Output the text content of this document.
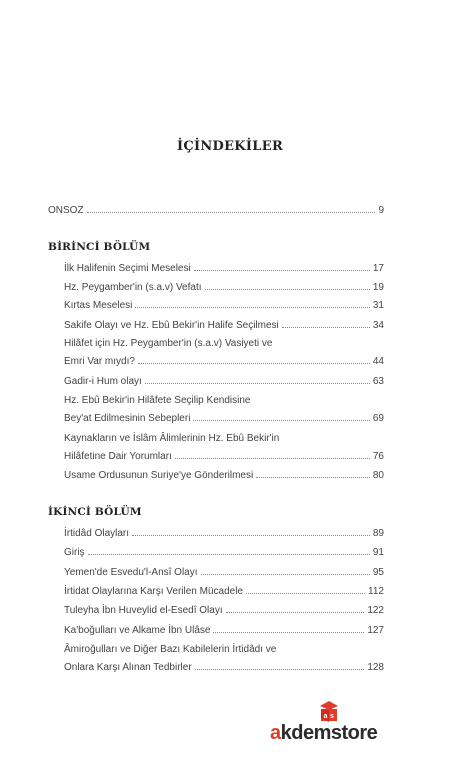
İÇİNDEKİLER
ONSOZ	9
BİRİNCİ BÖLÜM
İlk Halifenin Seçimi Meselesi	17
Hz. Peygamber'in (s.a.v) Vefatı	19
Kırtas Meselesi	31
Sakife Olayı ve Hz. Ebû Bekir'in Halife Seçilmesi	34
Hilâfet için Hz. Peygamber'in (s.a.v) Vasiyeti ve
Emri Var mıydı?	44
Gadir-i Hum olayı	63
Hz. Ebû Bekir'in Hilâfete Seçilip Kendisine
Bey'at Edilmesinin Sebepleri	69
Kaynakların ve İslâm Âlimlerinin Hz. Ebû Bekir'in
Hilâfetine Dair Yorumları	76
Usame Ordusunun Suriye'ye Gönderilmesi	80
İKİNCİ BÖLÜM
İrtidâd Olayları	89
Giriş	91
Yemen'de Esvedu'l-Ansî Olayı	95
İrtidat Olaylarına Karşı Verilen Mücadele	112
Tuleyha İbn Huveylid el-Esedî Olayı	122
Ka'boğulları ve Alkame İbn Ulâse	127
Âmiroğulları ve Diğer Bazı Kabilelerin İrtidâdı ve
Onlara Karşı Alınan Tedbirler	128
a s
akdemstore
